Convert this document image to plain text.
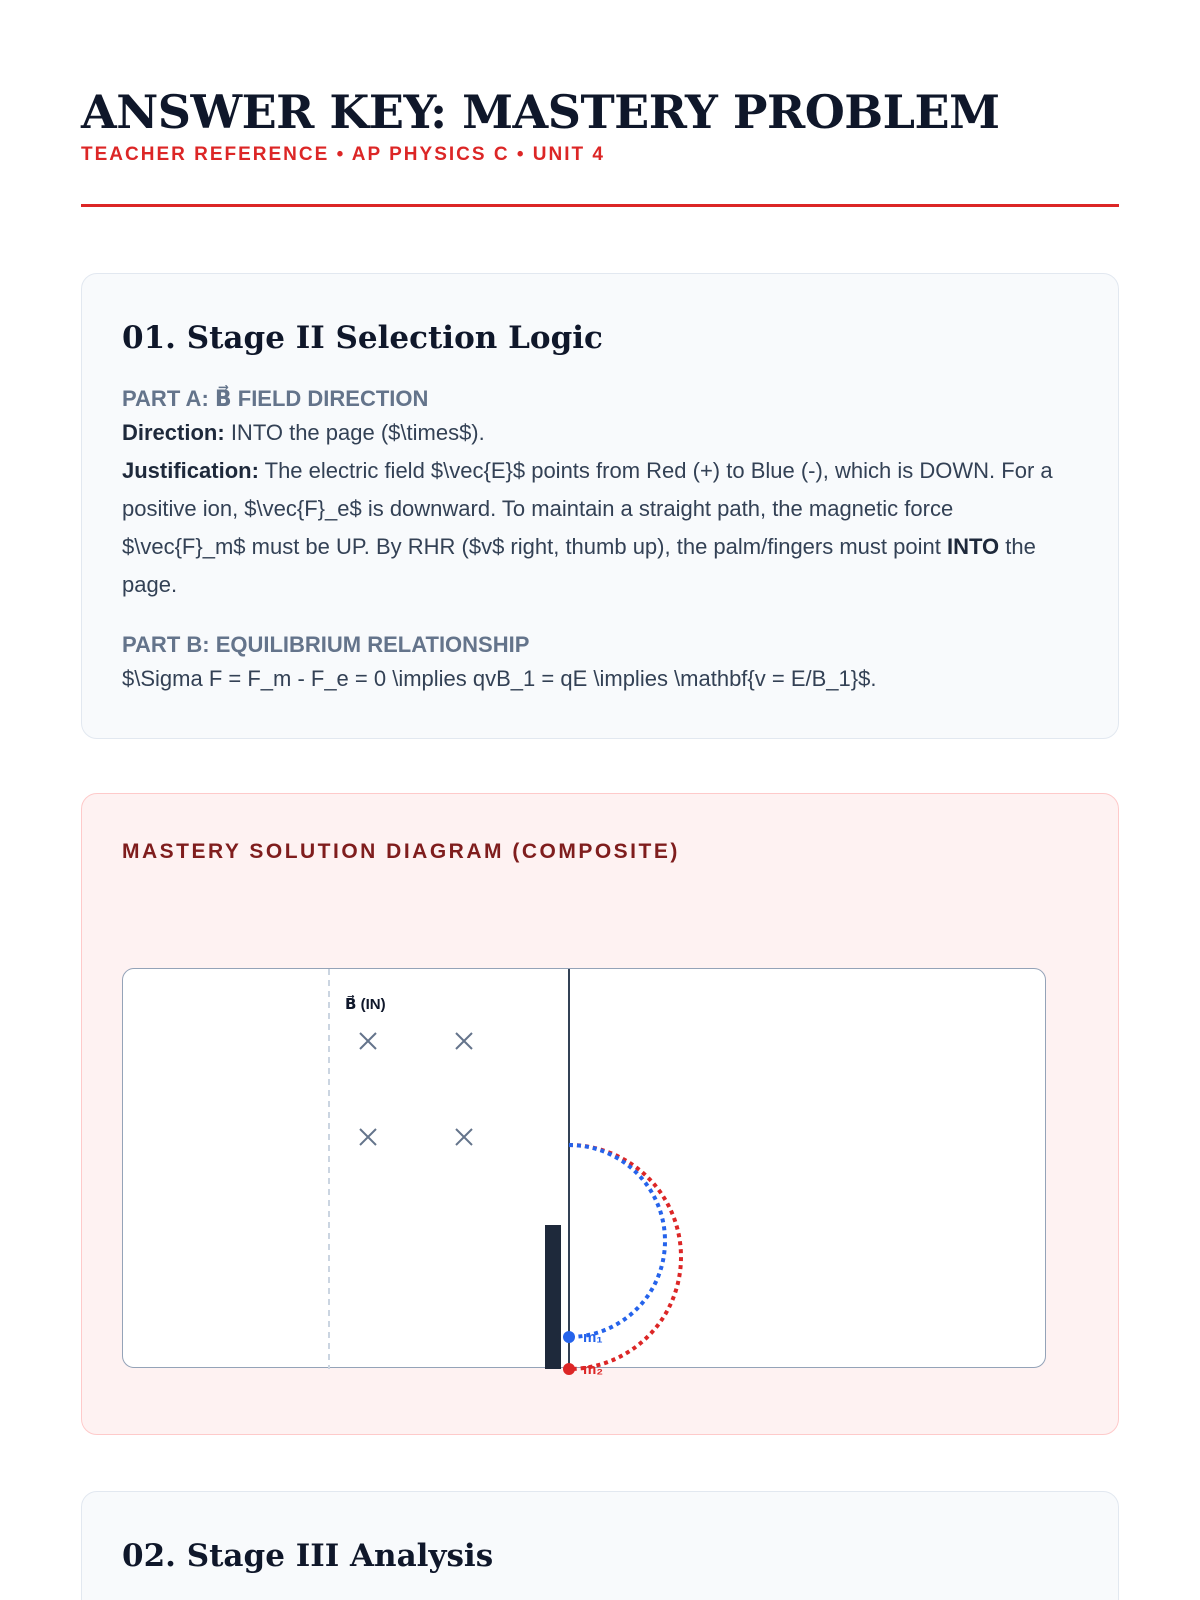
ANSWER KEY: MASTERY PROBLEM
TEACHER REFERENCE • AP PHYSICS C • UNIT 4
01. Stage II Selection Logic
PART A: B⃗ FIELD DIRECTION
Direction: INTO the page ($\times$).
Justification: The electric field $\vec{E}$ points from Red (+) to Blue (-), which is DOWN. For a positive ion, $\vec{F}_e$ is downward. To maintain a straight path, the magnetic force $\vec{F}_m$ must be UP. By RHR ($v$ right, thumb up), the palm/fingers must point INTO the page.
PART B: EQUILIBRIUM RELATIONSHIP
$\Sigma F = F_m - F_e = 0 \implies qvB_1 = qE \implies \mathbf{v = E/B_1}$.
MASTERY SOLUTION DIAGRAM (COMPOSITE)
B⃗ (IN)
m₁
m₂
02. Stage III Analysis
